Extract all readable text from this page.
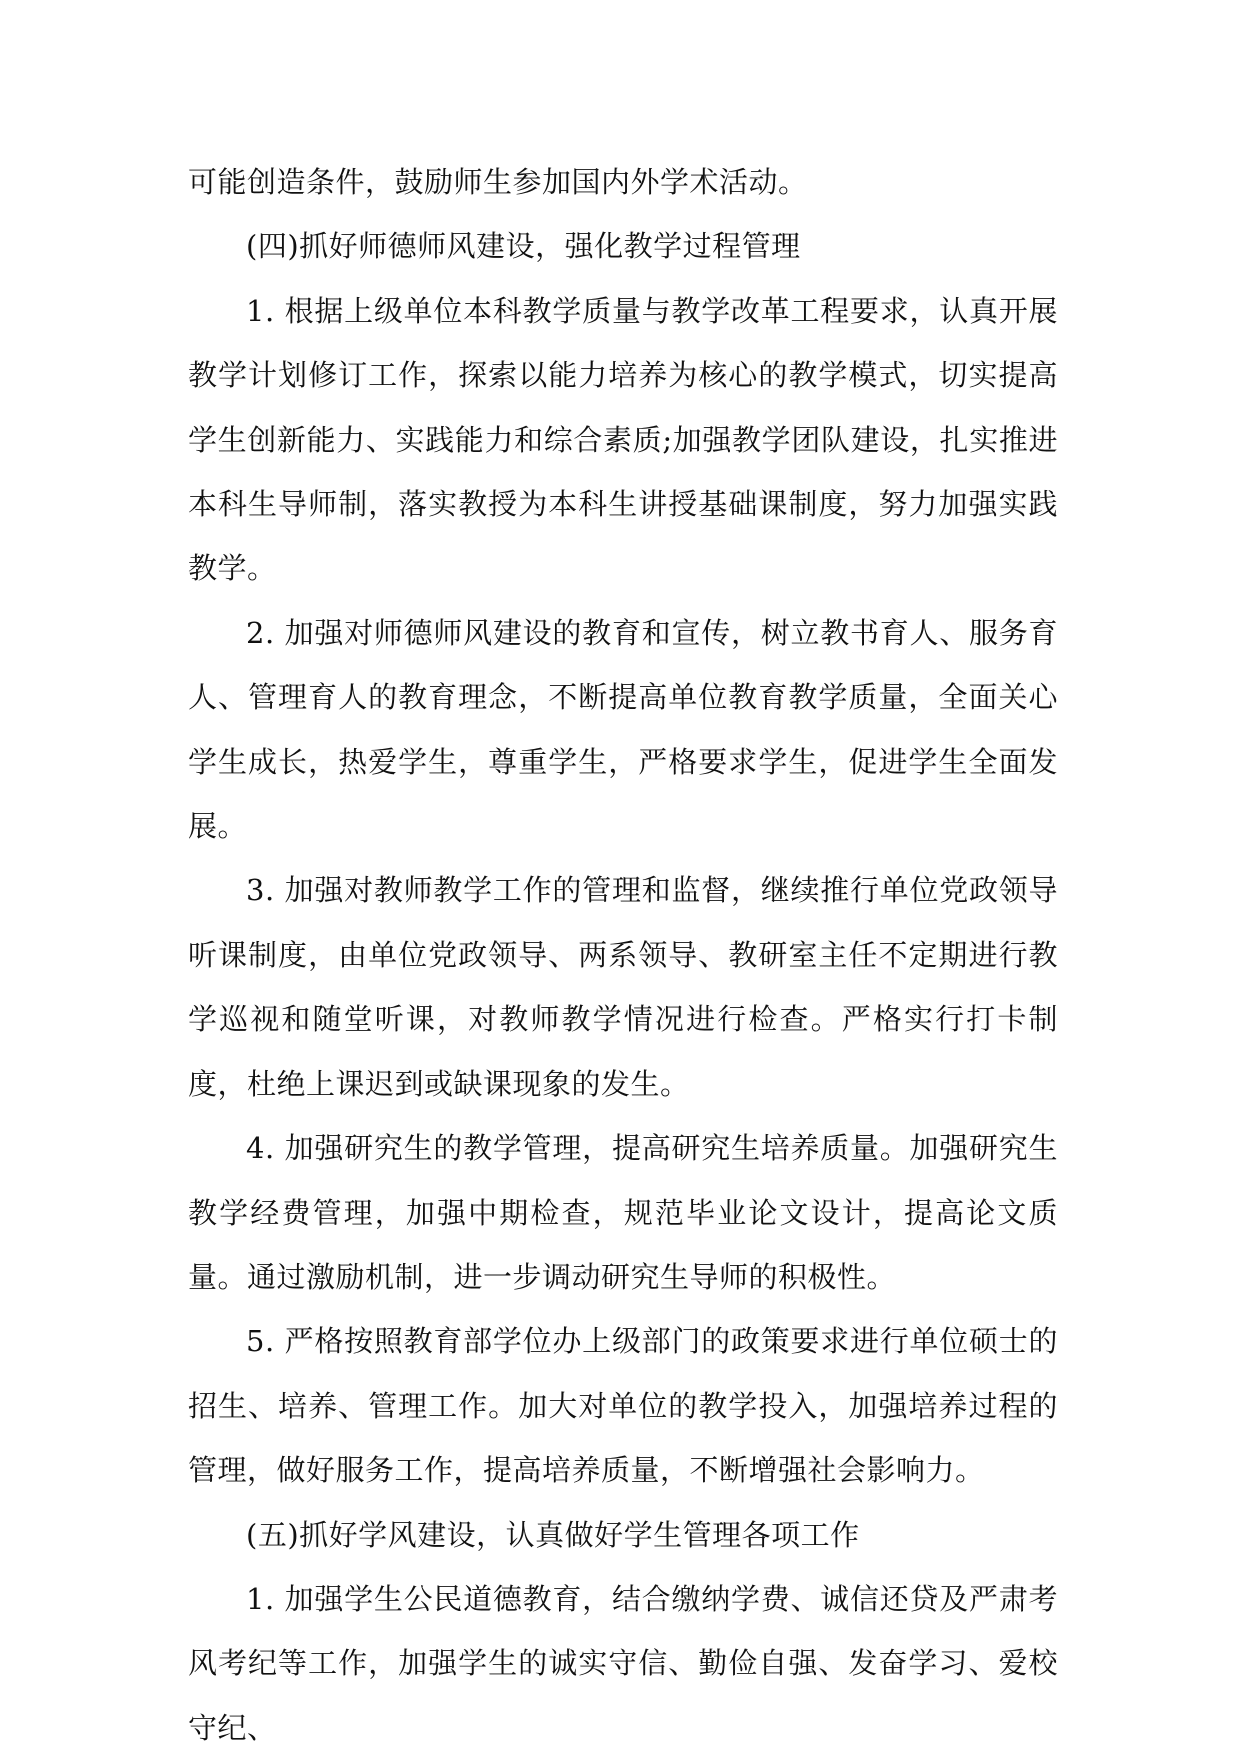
可能创造条件，鼓励师生参加国内外学术活动。

(四)抓好师德师风建设，强化教学过程管理

1. 根据上级单位本科教学质量与教学改革工程要求，认真开展教学计划修订工作，探索以能力培养为核心的教学模式，切实提高学生创新能力、实践能力和综合素质;加强教学团队建设，扎实推进本科生导师制，落实教授为本科生讲授基础课制度，努力加强实践教学。

2. 加强对师德师风建设的教育和宣传，树立教书育人、服务育人、管理育人的教育理念，不断提高单位教育教学质量，全面关心学生成长，热爱学生，尊重学生，严格要求学生，促进学生全面发展。

3. 加强对教师教学工作的管理和监督，继续推行单位党政领导听课制度，由单位党政领导、两系领导、教研室主任不定期进行教学巡视和随堂听课，对教师教学情况进行检查。严格实行打卡制度，杜绝上课迟到或缺课现象的发生。

4. 加强研究生的教学管理，提高研究生培养质量。加强研究生教学经费管理，加强中期检查，规范毕业论文设计，提高论文质量。通过激励机制，进一步调动研究生导师的积极性。

5. 严格按照教育部学位办上级部门的政策要求进行单位硕士的招生、培养、管理工作。加大对单位的教学投入，加强培养过程的管理，做好服务工作，提高培养质量，不断增强社会影响力。

(五)抓好学风建设，认真做好学生管理各项工作

1. 加强学生公民道德教育，结合缴纳学费、诚信还贷及严肃考风考纪等工作，加强学生的诚实守信、勤俭自强、发奋学习、爱校守纪、
